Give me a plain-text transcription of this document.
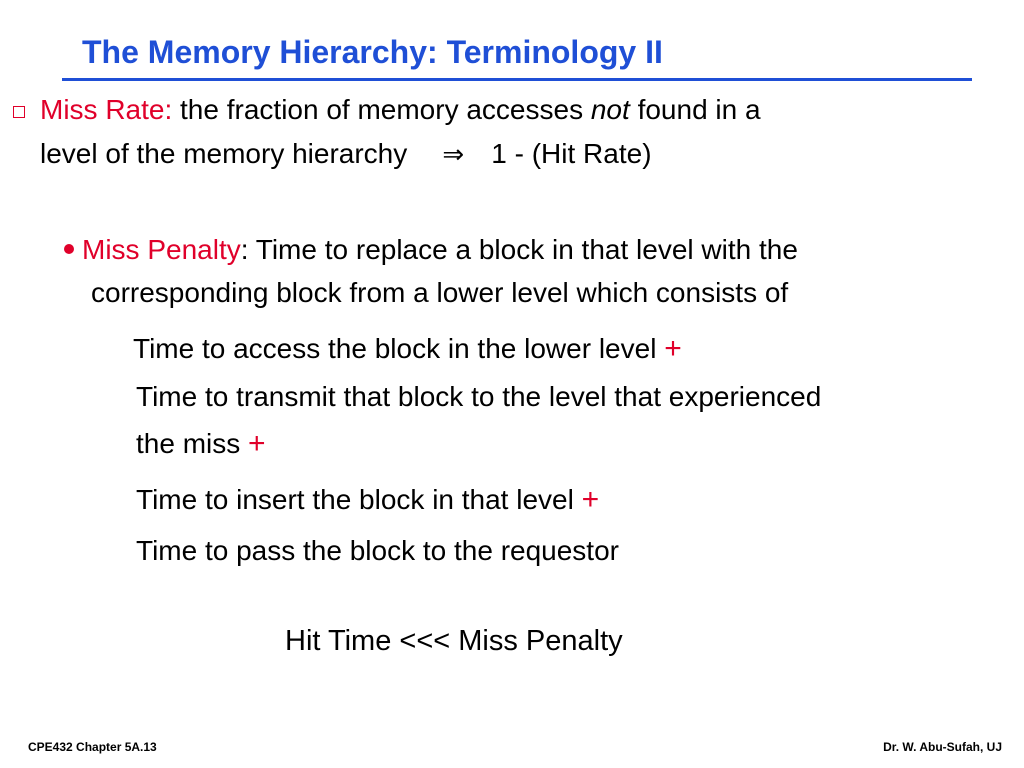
The Memory Hierarchy: Terminology II
Miss Rate: the fraction of memory accesses not found in a
level of the memory hierarchy ⇒ 1 - (Hit Rate)
Miss Penalty: Time to replace a block in that level with the
corresponding block from a lower level which consists of
Time to access the block in the lower level +
Time to transmit that block to the level that experienced
the miss +
Time to insert the block in that level +
Time to pass the block to the requestor
Hit Time <<< Miss Penalty
CPE432 Chapter 5A.13	Dr. W. Abu-Sufah, UJ
